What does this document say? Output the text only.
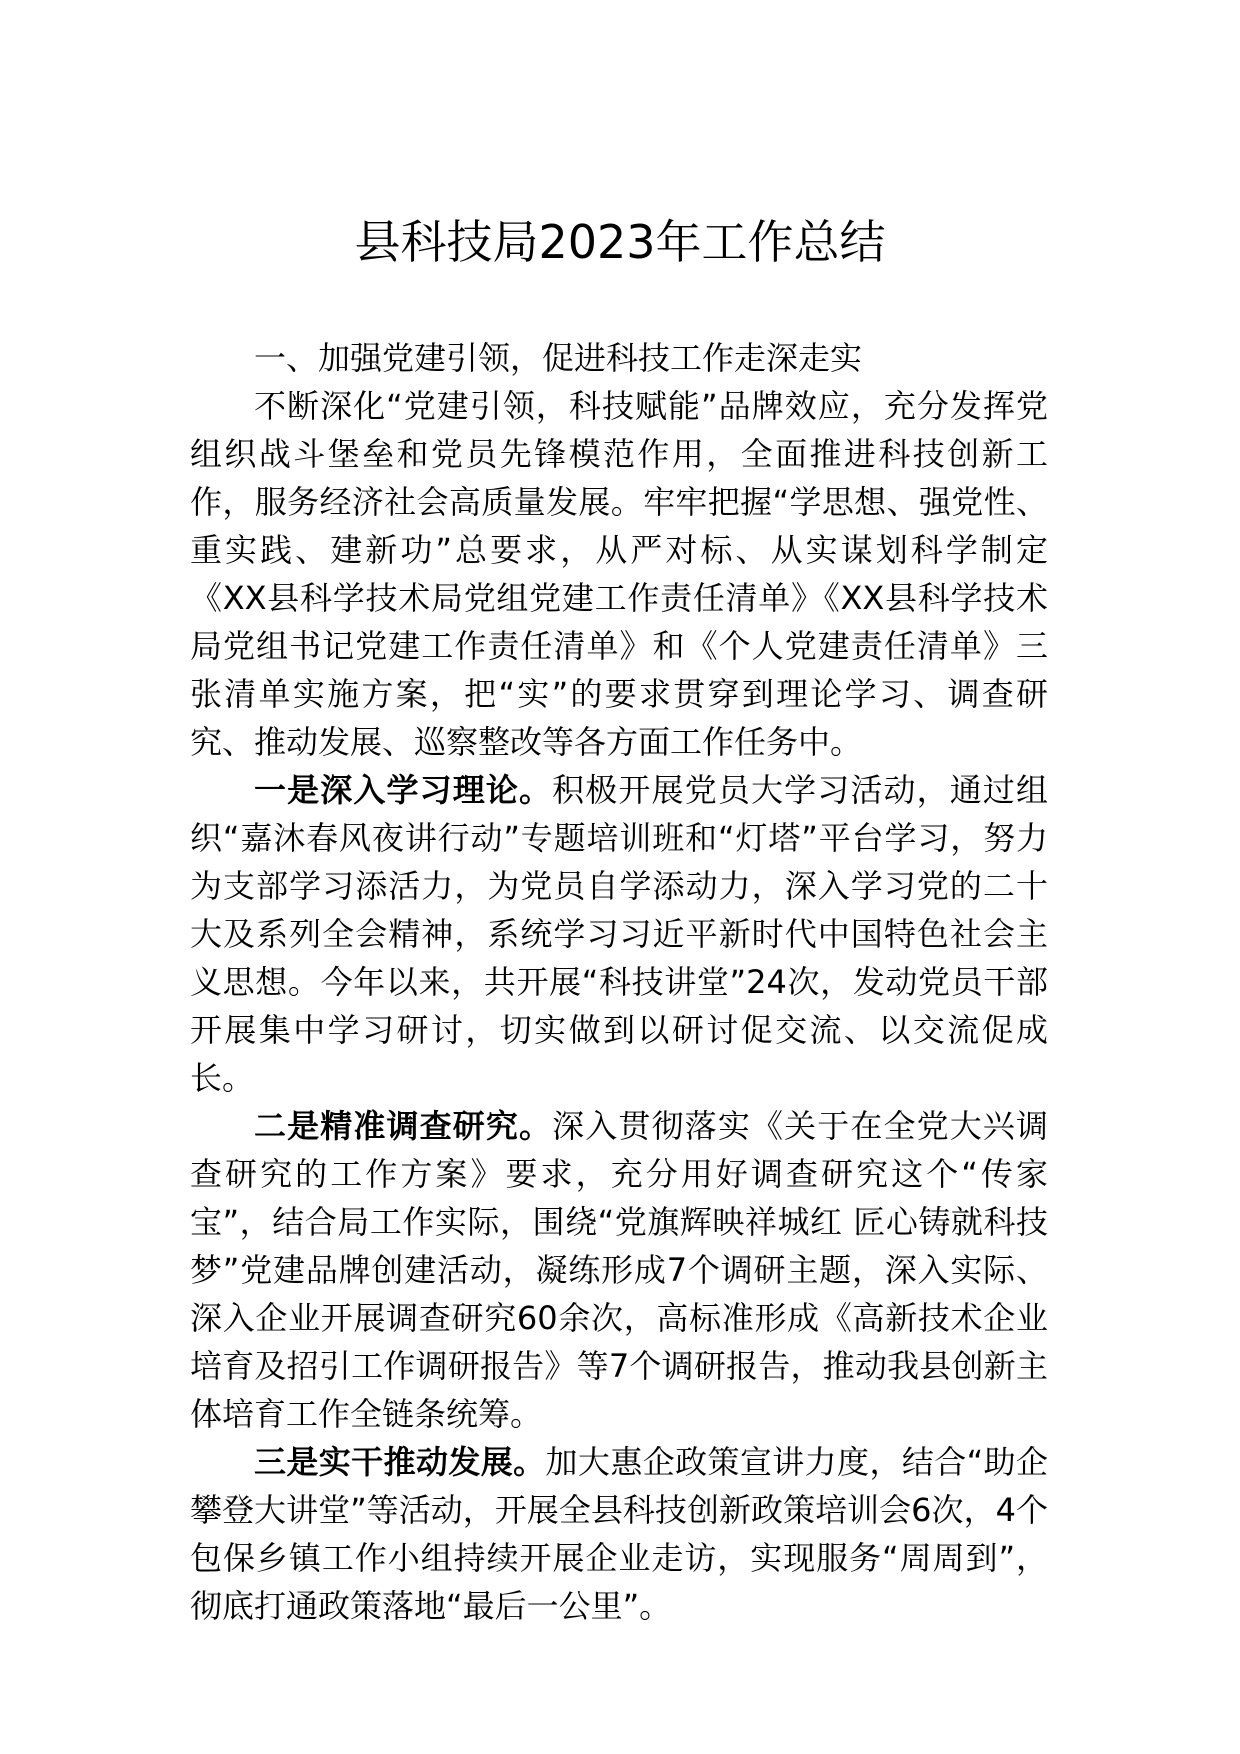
县科技局2023年工作总结

一、加强党建引领，促进科技工作走深走实

不断深化“党建引领，科技赋能”品牌效应，充分发挥党组织战斗堡垒和党员先锋模范作用，全面推进科技创新工作，服务经济社会高质量发展。牢牢把握“学思想、强党性、重实践、建新功”总要求，从严对标、从实谋划科学制定《XX县科学技术局党组党建工作责任清单》《XX县科学技术局党组书记党建工作责任清单》和《个人党建责任清单》三张清单实施方案，把“实”的要求贯穿到理论学习、调查研究、推动发展、巡察整改等各方面工作任务中。

一是深入学习理论。积极开展党员大学习活动，通过组织“嘉沐春风夜讲行动”专题培训班和“灯塔”平台学习，努力为支部学习添活力，为党员自学添动力，深入学习党的二十大及系列全会精神，系统学习习近平新时代中国特色社会主义思想。今年以来，共开展“科技讲堂”24次，发动党员干部开展集中学习研讨，切实做到以研讨促交流、以交流促成长。

二是精准调查研究。深入贯彻落实《关于在全党大兴调查研究的工作方案》要求，充分用好调查研究这个“传家宝”，结合局工作实际，围绕“党旗辉映祥城红 匠心铸就科技梦”党建品牌创建活动，凝练形成7个调研主题，深入实际、深入企业开展调查研究60余次，高标准形成《高新技术企业培育及招引工作调研报告》等7个调研报告，推动我县创新主体培育工作全链条统筹。

三是实干推动发展。加大惠企政策宣讲力度，结合“助企攀登大讲堂”等活动，开展全县科技创新政策培训会6次，4个包保乡镇工作小组持续开展企业走访，实现服务“周周到”，彻底打通政策落地“最后一公里”。
